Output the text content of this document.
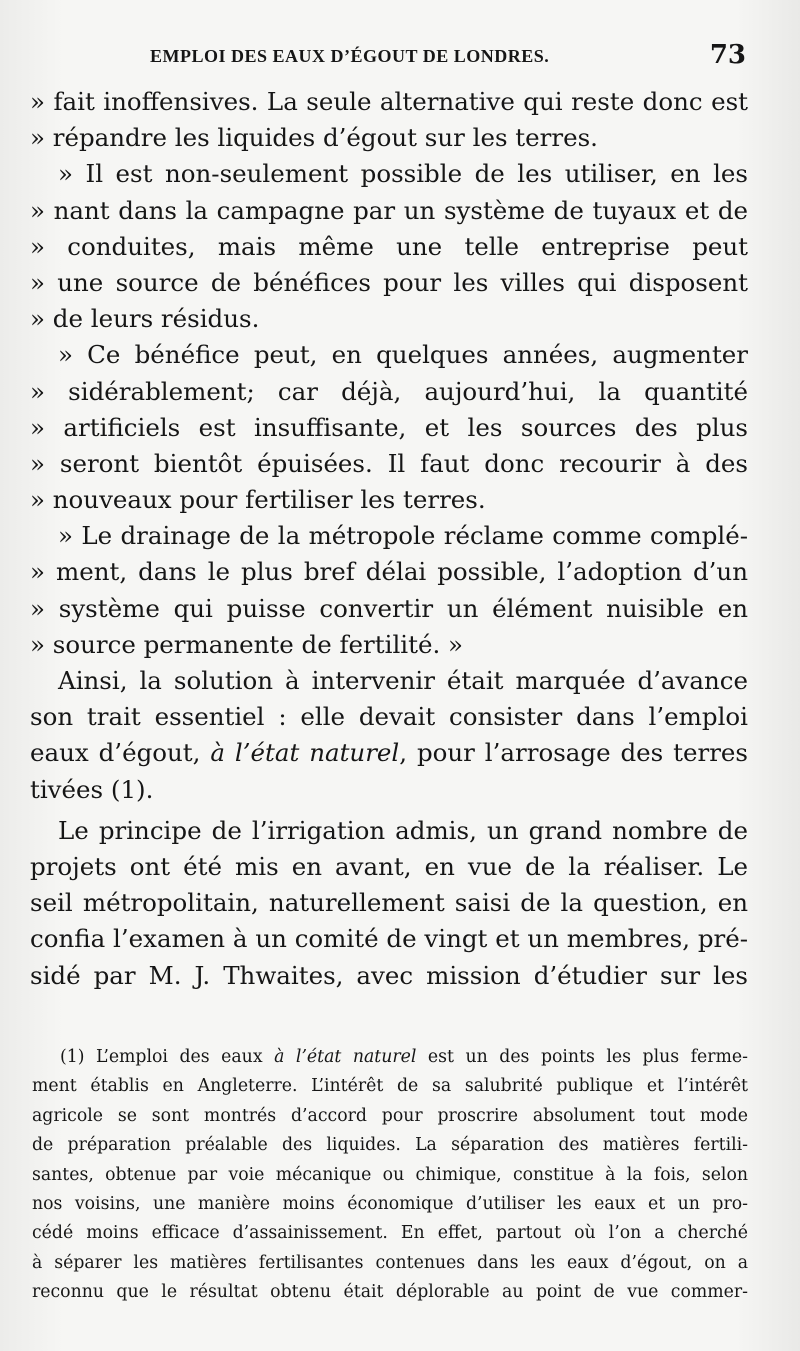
EMPLOI DES EAUX D’ÉGOUT DE LONDRES.	73
» fait inoffensives. La seule alternative qui reste donc est
» répandre les liquides d’égout sur les terres.
» Il est non-seulement possible de les utiliser, en les
» nant dans la campagne par un système de tuyaux et de
» conduites, mais même une telle entreprise peut
» une source de bénéfices pour les villes qui disposent
» de leurs résidus.
» Ce bénéfice peut, en quelques années, augmenter
» sidérablement; car déjà, aujourd’hui, la quantité
» artificiels est insuffisante, et les sources des plus
» seront bientôt épuisées. Il faut donc recourir à des
» nouveaux pour fertiliser les terres.
» Le drainage de la métropole réclame comme complé-
» ment, dans le plus bref délai possible, l’adoption d’un
» système qui puisse convertir un élément nuisible en
» source permanente de fertilité. »
Ainsi, la solution à intervenir était marquée d’avance
son trait essentiel : elle devait consister dans l’emploi
eaux d’égout, à l’état naturel, pour l’arrosage des terres
tivées (1).
Le principe de l’irrigation admis, un grand nombre de
projets ont été mis en avant, en vue de la réaliser. Le
seil métropolitain, naturellement saisi de la question, en
confia l’examen à un comité de vingt et un membres, pré-
sidé par M. J. Thwaites, avec mission d’étudier sur les
(1) L’emploi des eaux à l’état naturel est un des points les plus ferme-
ment établis en Angleterre. L’intérêt de sa salubrité publique et l’intérêt
agricole se sont montrés d’accord pour proscrire absolument tout mode
de préparation préalable des liquides. La séparation des matières fertili-
santes, obtenue par voie mécanique ou chimique, constitue à la fois, selon
nos voisins, une manière moins économique d’utiliser les eaux et un pro-
cédé moins efficace d’assainissement. En effet, partout où l’on a cherché
à séparer les matières fertilisantes contenues dans les eaux d’égout, on a
reconnu que le résultat obtenu était déplorable au point de vue commer-
